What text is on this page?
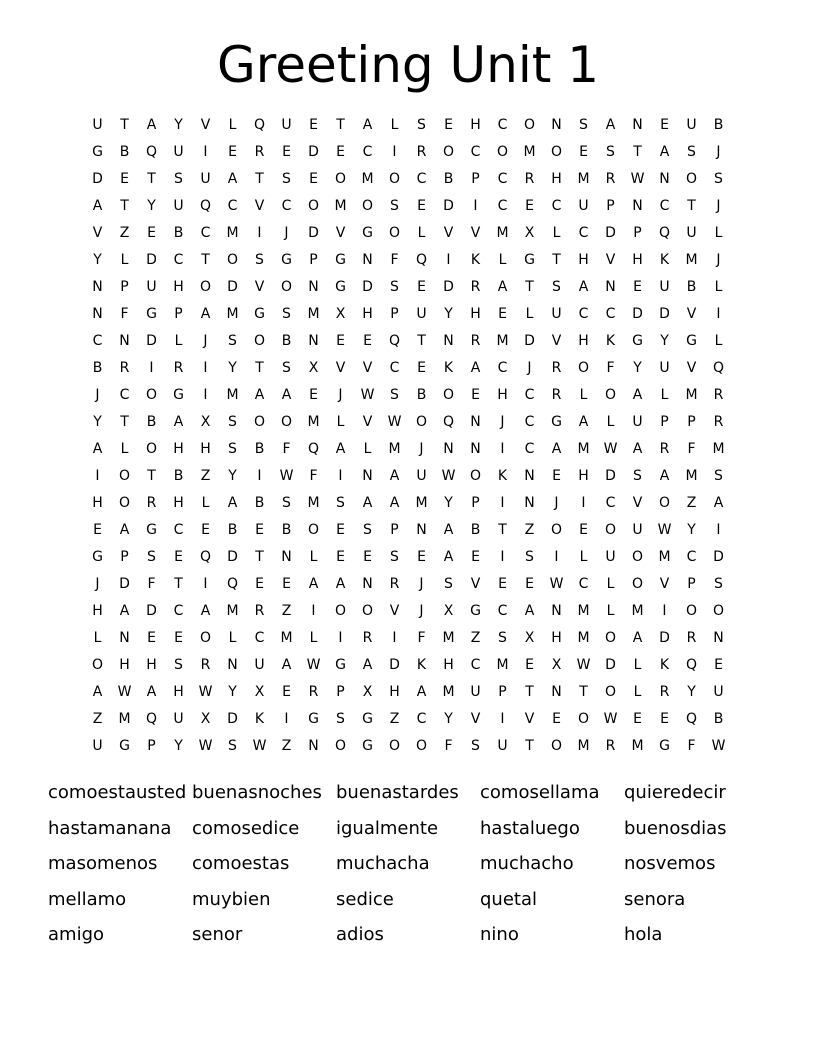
Greeting Unit 1
U	T	A	Y	V	L	Q	U	E	T	A	L	S	E	H	C	O	N	S	A	N	E	U	B
G	B	Q	U	I	E	R	E	D	E	C	I	R	O	C	O	M	O	E	S	T	A	S	J
D	E	T	S	U	A	T	S	E	O	M	O	C	B	P	C	R	H	M	R	W	N	O	S
A	T	Y	U	Q	C	V	C	O	M	O	S	E	D	I	C	E	C	U	P	N	C	T	J
V	Z	E	B	C	M	I	J	D	V	G	O	L	V	V	M	X	L	C	D	P	Q	U	L
Y	L	D	C	T	O	S	G	P	G	N	F	Q	I	K	L	G	T	H	V	H	K	M	J
N	P	U	H	O	D	V	O	N	G	D	S	E	D	R	A	T	S	A	N	E	U	B	L
N	F	G	P	A	M	G	S	M	X	H	P	U	Y	H	E	L	U	C	C	D	D	V	I
C	N	D	L	J	S	O	B	N	E	E	Q	T	N	R	M	D	V	H	K	G	Y	G	L
B	R	I	R	I	Y	T	S	X	V	V	C	E	K	A	C	J	R	O	F	Y	U	V	Q
J	C	O	G	I	M	A	A	E	J	W	S	B	O	E	H	C	R	L	O	A	L	M	R
Y	T	B	A	X	S	O	O	M	L	V	W	O	Q	N	J	C	G	A	L	U	P	P	R
A	L	O	H	H	S	B	F	Q	A	L	M	J	N	N	I	C	A	M	W	A	R	F	M
I	O	T	B	Z	Y	I	W	F	I	N	A	U	W	O	K	N	E	H	D	S	A	M	S
H	O	R	H	L	A	B	S	M	S	A	A	M	Y	P	I	N	J	I	C	V	O	Z	A
E	A	G	C	E	B	E	B	O	E	S	P	N	A	B	T	Z	O	E	O	U	W	Y	I
G	P	S	E	Q	D	T	N	L	E	E	S	E	A	E	I	S	I	L	U	O	M	C	D
J	D	F	T	I	Q	E	E	A	A	N	R	J	S	V	E	E	W	C	L	O	V	P	S
H	A	D	C	A	M	R	Z	I	O	O	V	J	X	G	C	A	N	M	L	M	I	O	O
L	N	E	E	O	L	C	M	L	I	R	I	F	M	Z	S	X	H	M	O	A	D	R	N
O	H	H	S	R	N	U	A	W	G	A	D	K	H	C	M	E	X	W	D	L	K	Q	E
A	W	A	H	W	Y	X	E	R	P	X	H	A	M	U	P	T	N	T	O	L	R	Y	U
Z	M	Q	U	X	D	K	I	G	S	G	Z	C	Y	V	I	V	E	O	W	E	E	Q	B
U	G	P	Y	W	S	W	Z	N	O	G	O	O	F	S	U	T	O	M	R	M	G	F	W
comoestausted buenasnoches buenastardes	comosellama	quieredecir
hastamanana	comosedice	igualmente	hastaluego	buenosdias
masomenos	comoestas	muchacha	muchacho	nosvemos
mellamo	muybien	sedice	quetal	senora
amigo	senor	adios	nino	hola
